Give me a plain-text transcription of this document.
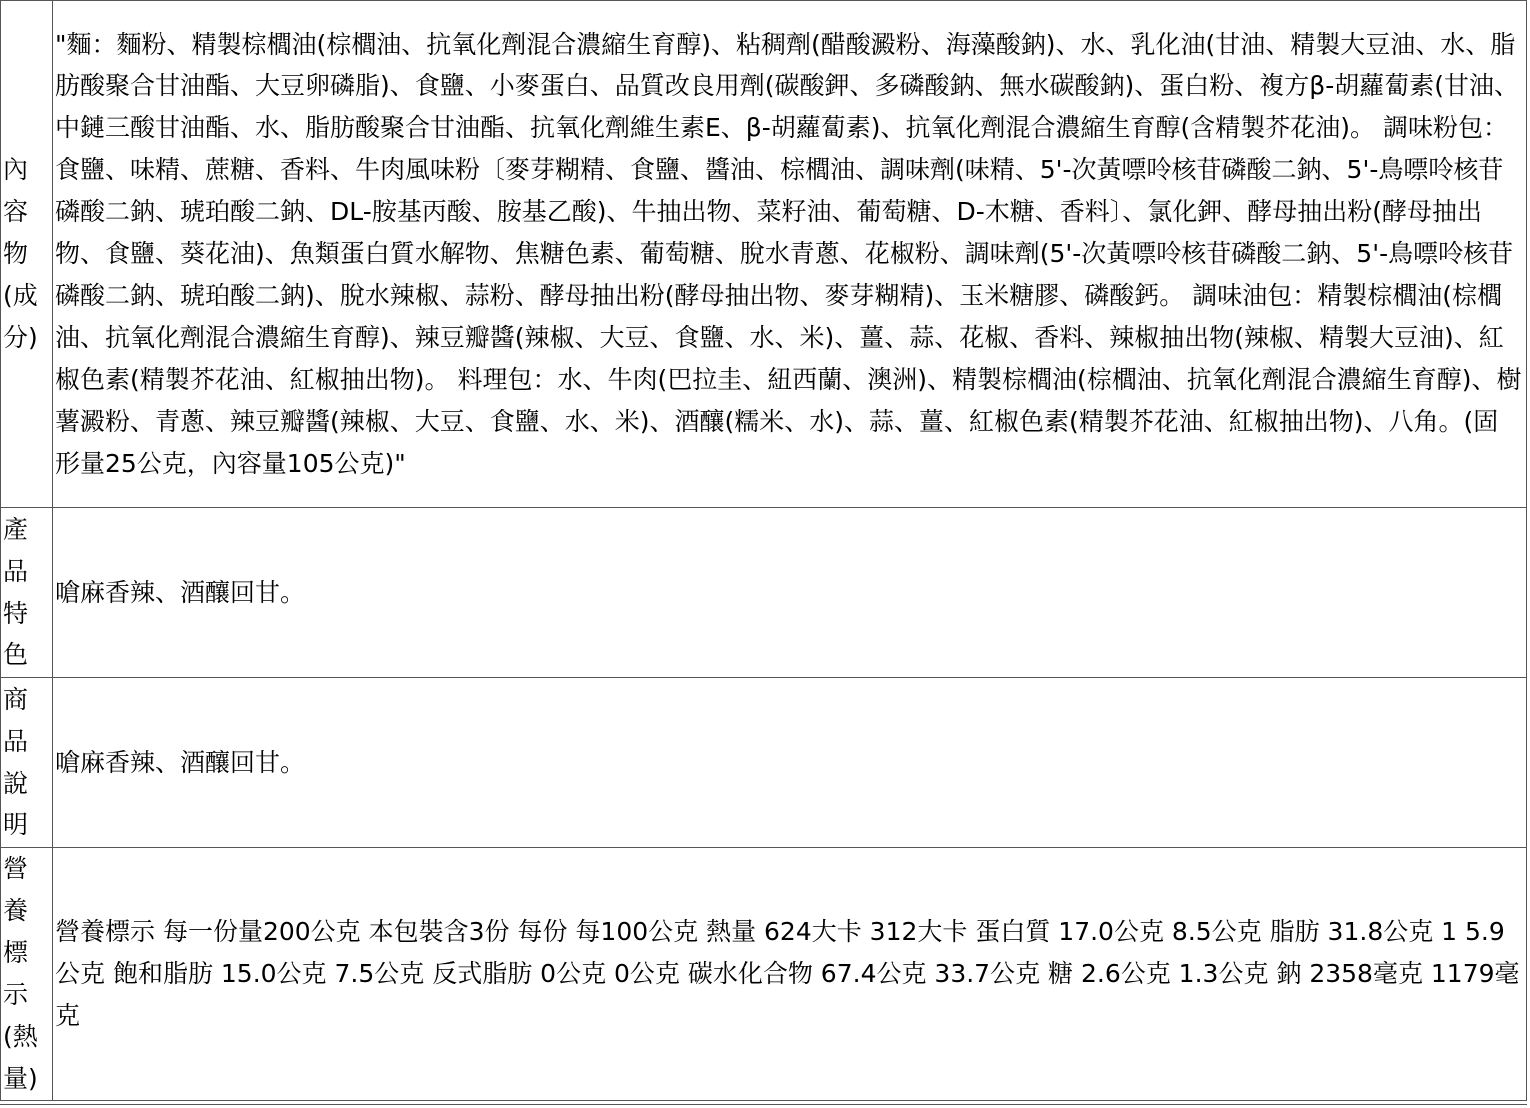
內容物(成分)	"麵：麵粉、精製棕櫚油(棕櫚油、抗氧化劑混合濃縮生育醇)、粘稠劑(醋酸澱粉、海藻酸鈉)、水、乳化油(甘油、精製大豆油、水、脂肪酸聚合甘油酯、大豆卵磷脂)、食鹽、小麥蛋白、品質改良用劑(碳酸鉀、多磷酸鈉、無水碳酸鈉)、蛋白粉、複方β-胡蘿蔔素(甘油、中鏈三酸甘油酯、水、脂肪酸聚合甘油酯、抗氧化劑維生素E、β-胡蘿蔔素)、抗氧化劑混合濃縮生育醇(含精製芥花油)。 調味粉包：食鹽、味精、蔗糖、香料、牛肉風味粉〔麥芽糊精、食鹽、醬油、棕櫚油、調味劑(味精、5'-次黃嘌呤核苷磷酸二鈉、5'-鳥嘌呤核苷磷酸二鈉、琥珀酸二鈉、DL-胺基丙酸、胺基乙酸)、牛抽出物、菜籽油、葡萄糖、D-木糖、香料〕、氯化鉀、酵母抽出粉(酵母抽出物、食鹽、葵花油)、魚類蛋白質水解物、焦糖色素、葡萄糖、脫水青蔥、花椒粉、調味劑(5'-次黃嘌呤核苷磷酸二鈉、5'-鳥嘌呤核苷磷酸二鈉、琥珀酸二鈉)、脫水辣椒、蒜粉、酵母抽出粉(酵母抽出物、麥芽糊精)、玉米糖膠、磷酸鈣。 調味油包：精製棕櫚油(棕櫚油、抗氧化劑混合濃縮生育醇)、辣豆瓣醬(辣椒、大豆、食鹽、水、米)、薑、蒜、花椒、香料、辣椒抽出物(辣椒、精製大豆油)、紅椒色素(精製芥花油、紅椒抽出物)。 料理包：水、牛肉(巴拉圭、紐西蘭、澳洲)、精製棕櫚油(棕櫚油、抗氧化劑混合濃縮生育醇)、樹薯澱粉、青蔥、辣豆瓣醬(辣椒、大豆、食鹽、水、米)、酒釀(糯米、水)、蒜、薑、紅椒色素(精製芥花油、紅椒抽出物)、八角。(固形量25公克，內容量105公克)"
產品特色	嗆麻香辣、酒釀回甘。
商品說明	嗆麻香辣、酒釀回甘。
營養標示(熱量)	營養標示 每一份量200公克 本包裝含3份 每份 每100公克 熱量 624大卡 312大卡 蛋白質 17.0公克 8.5公克 脂肪 31.8公克 1 5.9公克 飽和脂肪 15.0公克 7.5公克 反式脂肪 0公克 0公克 碳水化合物 67.4公克 33.7公克 糖 2.6公克 1.3公克 鈉 2358毫克 1179毫克
